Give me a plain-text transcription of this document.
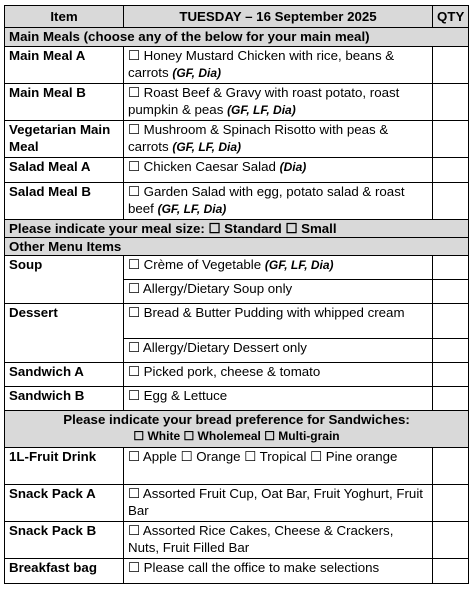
Item	TUESDAY – 16 September 2025	QTY
Main Meals (choose any of the below for your main meal)		
Main Meal A	☐ Honey Mustard Chicken with rice, beans & carrots (GF, Dia)	
Main Meal B	☐ Roast Beef & Gravy with roast potato, roast pumpkin & peas (GF, LF, Dia)	
Vegetarian Main Meal	☐ Mushroom & Spinach Risotto with peas & carrots (GF, LF, Dia)	
Salad Meal A	☐ Chicken Caesar Salad (Dia)	
Salad Meal B	☐ Garden Salad with egg, potato salad & roast beef (GF, LF, Dia)	
Please indicate your meal size: ☐ Standard ☐ Small		
Other Menu Items		
Soup	☐ Crème of Vegetable (GF, LF, Dia)	
	☐ Allergy/Dietary Soup only	
Dessert	☐ Bread & Butter Pudding with whipped cream	
	☐ Allergy/Dietary Dessert only	
Sandwich A	☐ Picked pork, cheese & tomato	
Sandwich B	☐ Egg & Lettuce	

Please indicate your bread preference for Sandwiches:
☐ White ☐ Wholemeal ☐ Multi-grain		

1L-Fruit Drink	☐ Apple ☐ Orange ☐ Tropical ☐ Pine orange	
Snack Pack A	☐ Assorted Fruit Cup, Oat Bar, Fruit Yoghurt, Fruit Bar	
Snack Pack B	☐ Assorted Rice Cakes, Cheese & Crackers, Nuts, Fruit Filled Bar	
Breakfast bag	☐ Please call the office to make selections	
